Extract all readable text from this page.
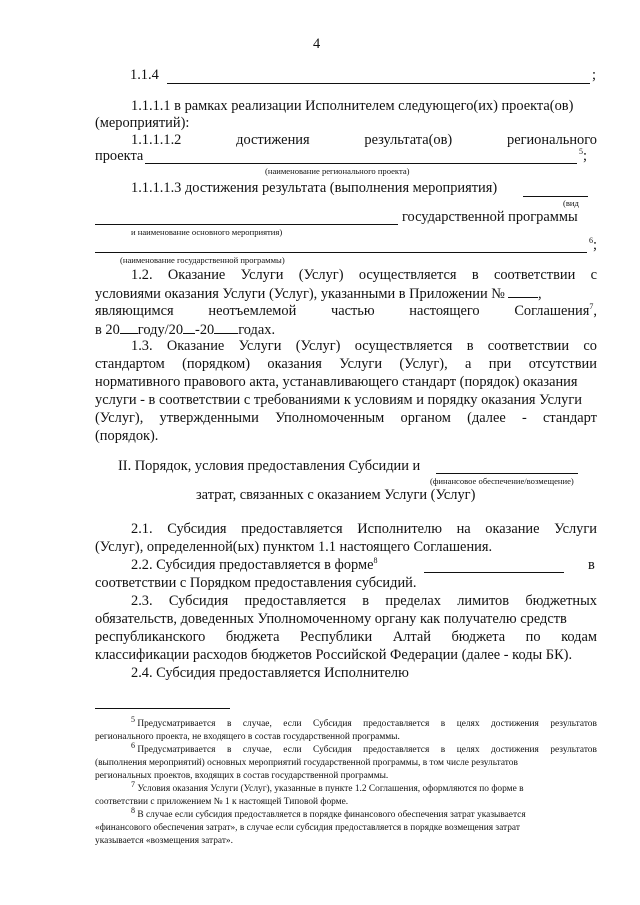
4
1.1.4	;
1.1.1.1 в рамках реализации Исполнителем следующего(их) проекта(ов)
(мероприятий):
1.1.1.1.2	достижения	результата(ов)	регионального
проекта	$^5$;
(наименование регионального проекта)
1.1.1.1.3 достижения результата (выполнения мероприятия)
(вид
государственной программы
и наименование основного мероприятия)
$^6$;
(наименование государственной программы)
1.2. Оказание Услуги (Услуг) осуществляется в соответствии с
условиями оказания Услуги (Услуг), указанными в Приложении № ,
являющимся неотъемлемой частью настоящего Соглашения$^7$,
в 20 году/20 -20 годах.
1.3. Оказание Услуги (Услуг) осуществляется в соответствии со
стандартом (порядком) оказания Услуги (Услуг), а при отсутствии
нормативного правового акта, устанавливающего стандарт (порядок) оказания
услуги - в соответствии с требованиями к условиям и порядку оказания Услуги
(Услуг), утвержденными Уполномоченным органом (далее - стандарт
(порядок).
II. Порядок, условия предоставления Субсидии и
(финансовое обеспечение/возмещение)
затрат, связанных с оказанием Услуги (Услуг)
2.1. Субсидия предоставляется Исполнителю на оказание Услуги
(Услуг), определенной(ых) пунктом 1.1 настоящего Соглашения.
2.2. Субсидия предоставляется в форме$^8$	в
соответствии с Порядком предоставления субсидий.
2.3. Субсидия предоставляется в пределах лимитов бюджетных
обязательств, доведенных Уполномоченному органу как получателю средств
республиканского бюджета Республики Алтай бюджета по кодам
классификации расходов бюджетов Российской Федерации (далее - коды БК).
2.4. Субсидия предоставляется Исполнителю
$^5$ Предусматривается в случае, если Субсидия предоставляется в целях достижения результатов
регионального проекта, не входящего в состав государственной программы.
$^6$ Предусматривается в случае, если Субсидия предоставляется в целях достижения результатов
(выполнения мероприятий) основных мероприятий государственной программы, в том числе результатов
региональных проектов, входящих в состав государственной программы.
$^7$ Условия оказания Услуги (Услуг), указанные в пункте 1.2 Соглашения, оформляются по форме в
соответствии с приложением № 1 к настоящей Типовой форме.
$^8$ В случае если субсидия предоставляется в порядке финансового обеспечения затрат указывается
«финансового обеспечения затрат», в случае если субсидия предоставляется в порядке возмещения затрат
указывается «возмещения затрат».
